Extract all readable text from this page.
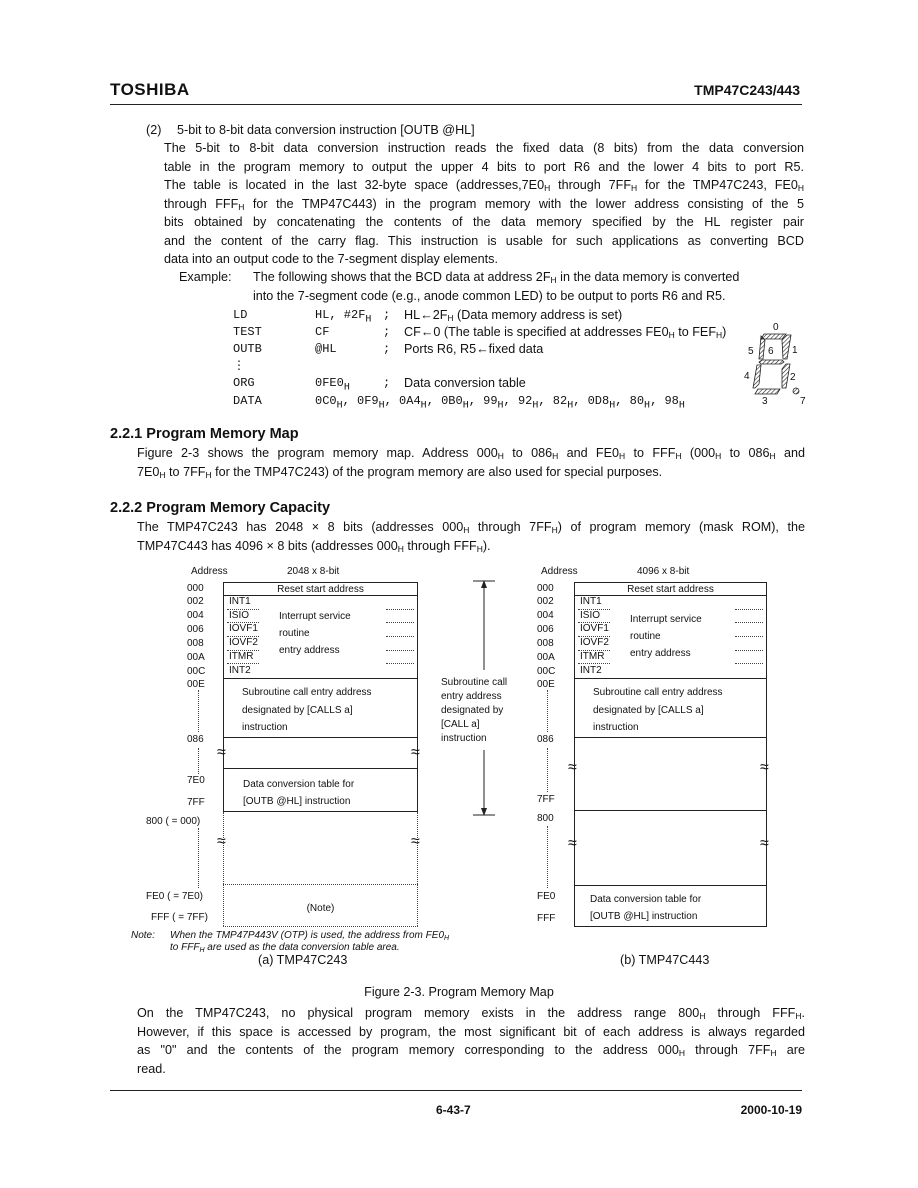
TOSHIBA	TMP47C243/443
(2) 5-bit to 8-bit data conversion instruction [OUTB @HL]
The 5-bit to 8-bit data conversion instruction reads the fixed data (8 bits) from the data conversion
table in the program memory to output the upper 4 bits to port R6 and the lower 4 bits to port R5.
The table is located in the last 32-byte space ($addresses,7E0_H$ through $7FF_H$ for the TMP47C243, $FE0_H$
through $FFF_H$ for the TMP47C443) in the program memory with the lower address consisting of the 5
bits obtained by concatenating the contents of the data memory specified by the HL register pair
and the content of the carry flag. This instruction is usable for such applications as converting BCD
data into an output code to the 7-segment display elements.
Example: The following shows that the BCD data at address $2F_H$ in the data memory is converted
into the 7-segment code (e.g., anode common LED) to be output to ports R6 and R5.
LD	HL, $\#2F_H$ ; $HL\leftarrow 2F_H$ (Data memory address is set)
TEST	CF	; CF←0 (The table is specified at addresses $FE0_H$ to $FEF_H$)
OUTB	@HL	; Ports R6, R5←fixed data
⋮
ORG	$0FE0_H$	; Data conversion table
DATA	$0C0_H$, $0F9_H$, $0A4_H$, $0B0_H$, $99_H$, $92_H$, $82_H$, $0D8_H$, $80_H$, $98_H$
0
1
2
3
4
5 6
7
2.2.1 Program Memory Map
Figure 2-3 shows the program memory map. Address $000_H$ to $086_H$ and $FE0_H$ to $FFF_H$ ($000_H$ to $086_H$ and
$7E0_H$ to $7FF_H$ for the TMP47C243) of the program memory are also used for special purposes.
2.2.2 Program Memory Capacity
The TMP47C243 has 2048 × 8 bits (addresses $000_H$ through $7FF_H$) of program memory (mask ROM), the
TMP47C443 has 4096 × 8 bits (addresses $000_H$ through $FFF_H$).
Address	2048 x 8-bit
Reset start address
INT1
ISIO
IOVF1
IOVF2
ITMR
INT2
Interrupt service
routine
entry address
Subroutine call entry address
designated by [CALLS a]
instruction
≈	≈
Data conversion table for
[OUTB @HL] instruction
≈	≈
(Note)
000
002
004
006
008
00A
00C
00E
086
7E0
7FF
800 ( = 000)
FE0 ( = 7E0)
FFF ( = 7FF)
Subroutine call
entry address
designated by
[CALL a]
instruction
Address	4096 x 8-bit
Reset start address
INT1
ISIO
IOVF1
IOVF2
ITMR
INT2
Interrupt service
routine
entry address
Subroutine call entry address
designated by [CALLS a]
instruction
≈	≈
≈	≈
Data conversion table for
[OUTB @HL] instruction
000
002
004
006
008
00A
00C
00E
086
7FF
800
FE0
FFF
Note: When the TMP47P443V (OTP) is used, the address from $FE0_H$
to $FFF_H$ are used as the data conversion table area.
(a) TMP47C243	(b) TMP47C443
Figure 2-3. Program Memory Map
On the TMP47C243, no physical program memory exists in the address range $800_H$ through $FFF_H$.
However, if this space is accessed by program, the most significant bit of each address is always regarded
as "0" and the contents of the program memory corresponding to the address $000_H$ through $7FF_H$ are
read.
6-43-7	2000-10-19
